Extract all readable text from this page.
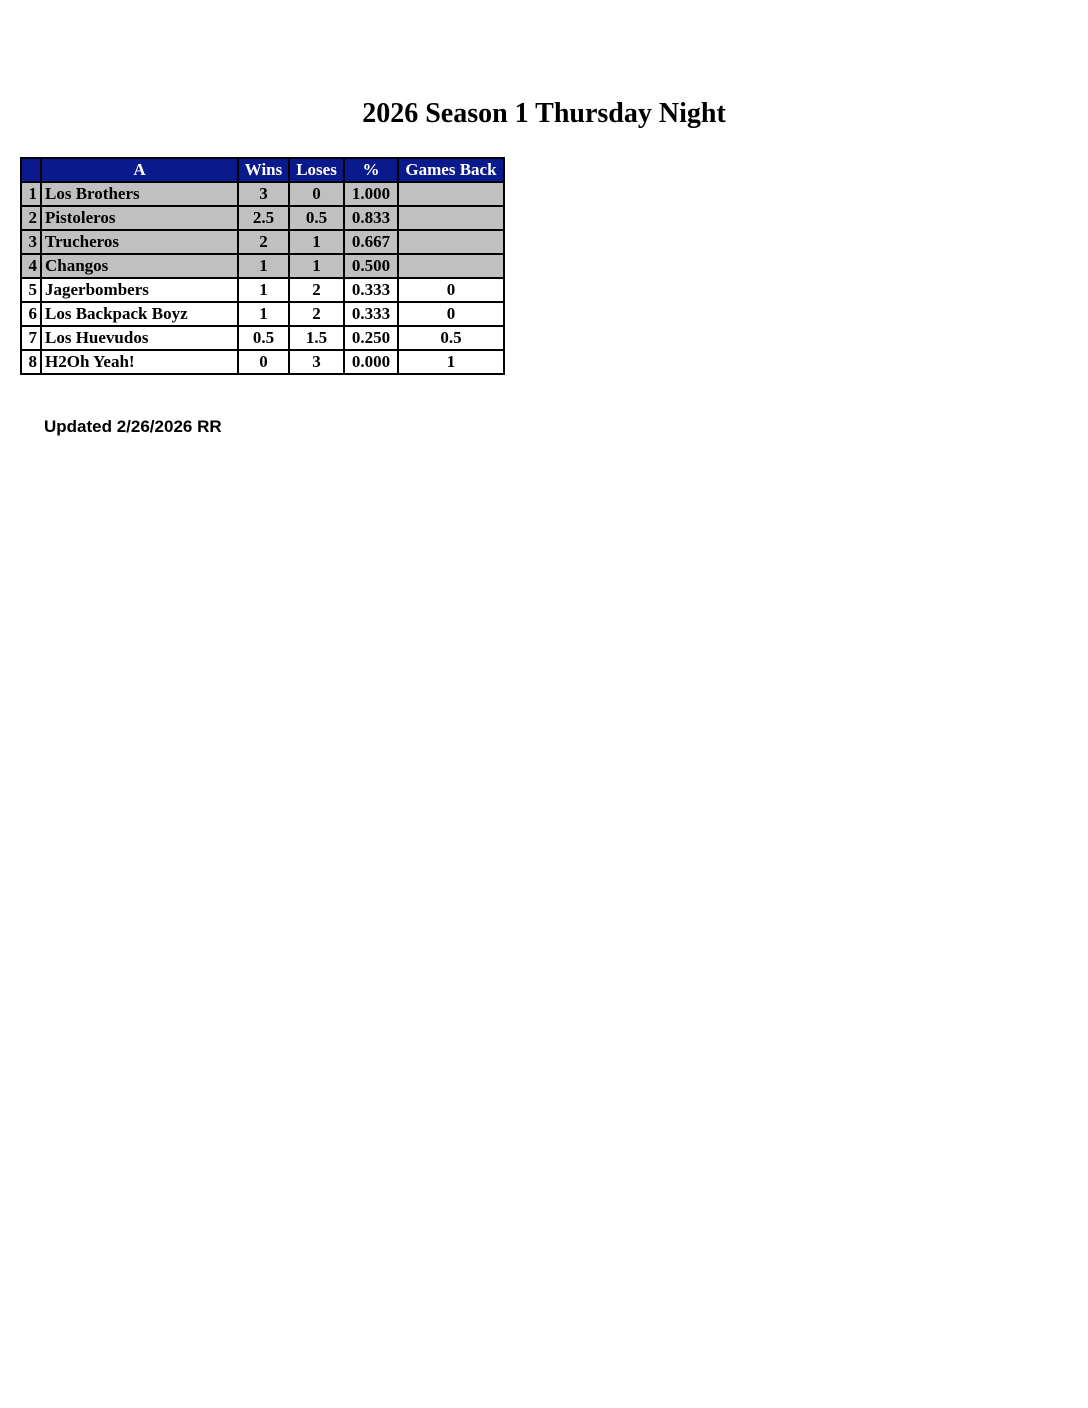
2026 Season 1 Thursday Night
	A	Wins	Loses	%	Games Back
1	Los Brothers	3	0	1.000	
2	Pistoleros	2.5	0.5	0.833	
3	Trucheros	2	1	0.667	
4	Changos	1	1	0.500	
5	Jagerbombers	1	2	0.333	0
6	Los Backpack Boyz	1	2	0.333	0
7	Los Huevudos	0.5	1.5	0.250	0.5
8	H2Oh Yeah!	0	3	0.000	1
Updated 2/26/2026 RR
